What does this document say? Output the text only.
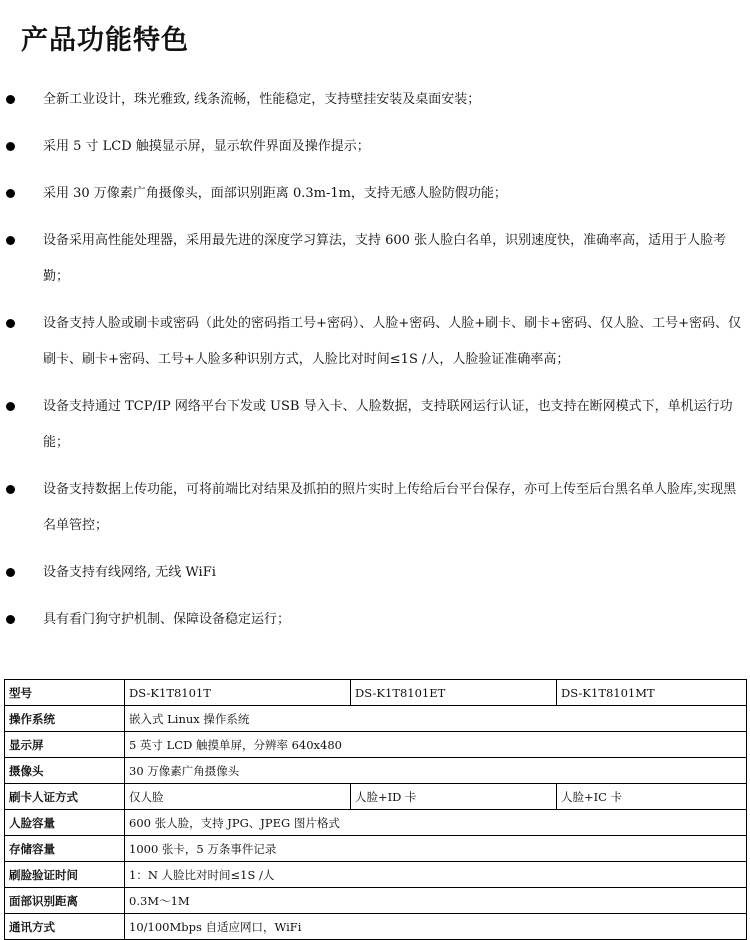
产品功能特色
全新工业设计，珠光雅致, 线条流畅，性能稳定，支持壁挂安装及桌面安装；
采用 5 寸 LCD 触摸显示屏，显示软件界面及操作提示；
采用 30 万像素广角摄像头，面部识别距离 0.3m-1m，支持无感人脸防假功能；
设备采用高性能处理器，采用最先进的深度学习算法，支持 600 张人脸白名单，识别速度快，准确率高，适用于人脸考勤；
设备支持人脸或刷卡或密码（此处的密码指工号+密码）、人脸+密码、人脸+刷卡、刷卡+密码、仅人脸、工号+密码、仅刷卡、刷卡+密码、工号+人脸多种识别方式，人脸比对时间≤1S /人，人脸验证准确率高；
设备支持通过 TCP/IP 网络平台下发或 USB 导入卡、人脸数据，支持联网运行认证，也支持在断网模式下，单机运行功能；
设备支持数据上传功能，可将前端比对结果及抓拍的照片实时上传给后台平台保存，亦可上传至后台黑名单人脸库,实现黑名单管控；
设备支持有线网络, 无线 WiFi
具有看门狗守护机制、保障设备稳定运行；
型号	DS-K1T8101T	DS-K1T8101ET	DS-K1T8101MT
操作系统	嵌入式 Linux 操作系统		
显示屏	5 英寸 LCD 触摸单屏，分辨率 640x480		
摄像头	30 万像素广角摄像头		
刷卡人证方式	仅人脸	人脸+ID 卡	人脸+IC 卡
人脸容量	600 张人脸，支持 JPG、JPEG 图片格式		
存储容量	1000 张卡，5 万条事件记录		
刷脸验证时间	1：N 人脸比对时间≤1S /人		
面部识别距离	0.3M～1M		
通讯方式	10/100Mbps 自适应网口，WiFi		
